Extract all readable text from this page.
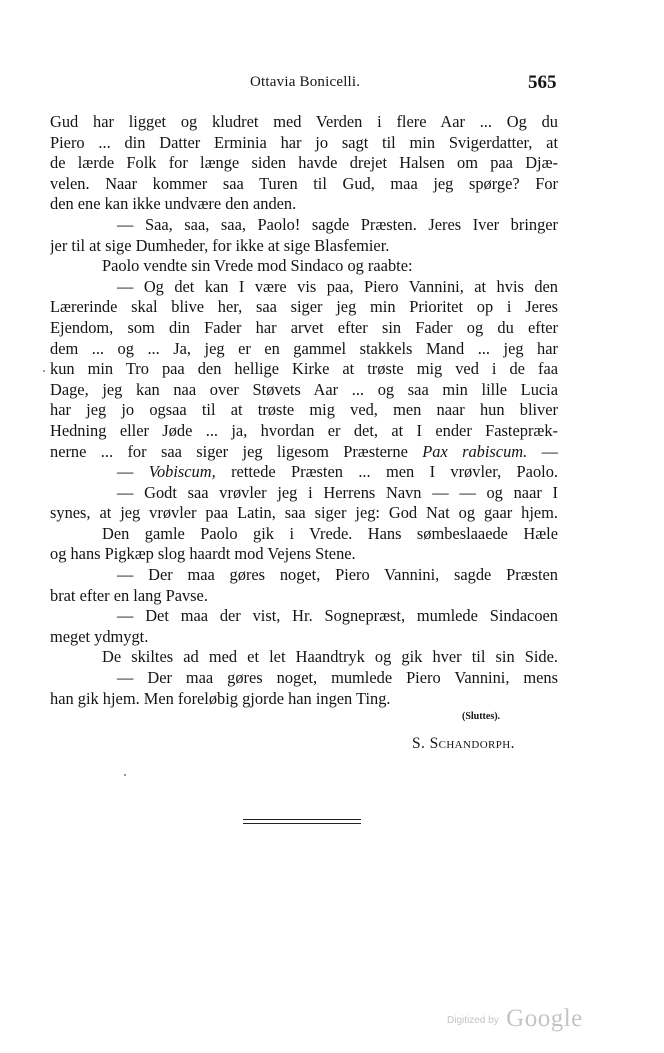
Ottavia Bonicelli.	565
Gud har ligget og kludret med Verden i flere Aar ... Og du
Piero ... din Datter Erminia har jo sagt til min Svigerdatter, at
de lærde Folk for længe siden havde drejet Halsen om paa Djæ-
velen. Naar kommer saa Turen til Gud, maa jeg spørge? For
den ene kan ikke undvære den anden.
— Saa, saa, saa, Paolo! sagde Præsten. Jeres Iver bringer
jer til at sige Dumheder, for ikke at sige Blasfemier.
Paolo vendte sin Vrede mod Sindaco og raabte:
— Og det kan I være vis paa, Piero Vannini, at hvis den
Lærerinde skal blive her, saa siger jeg min Prioritet op i Jeres
Ejendom, som din Fader har arvet efter sin Fader og du efter
dem ... og ... Ja, jeg er en gammel stakkels Mand ... jeg har
kun min Tro paa den hellige Kirke at trøste mig ved i de faa
Dage, jeg kan naa over Støvets Aar ... og saa min lille Lucia
har jeg jo ogsaa til at trøste mig ved, men naar hun bliver
Hedning eller Jøde ... ja, hvordan er det, at I ender Fastepræk-
nerne ... for saa siger jeg ligesom Præsterne Pax rabiscum. —
— Vobiscum, rettede Præsten ... men I vrøvler, Paolo.
— Godt saa vrøvler jeg i Herrens Navn — — og naar I
synes, at jeg vrøvler paa Latin, saa siger jeg: God Nat og gaar hjem.
Den gamle Paolo gik i Vrede. Hans sømbeslaaede Hæle
og hans Pigkæp slog haardt mod Vejens Stene.
— Der maa gøres noget, Piero Vannini, sagde Præsten
brat efter en lang Pavse.
— Det maa der vist, Hr. Sognepræst, mumlede Sindacoen
meget ydmygt.
De skiltes ad med et let Haandtryk og gik hver til sin Side.
— Der maa gøres noget, mumlede Piero Vannini, mens
han gik hjem. Men foreløbig gjorde han ingen Ting.
(Sluttes).
S. Schandorph.
Digitized by Google
